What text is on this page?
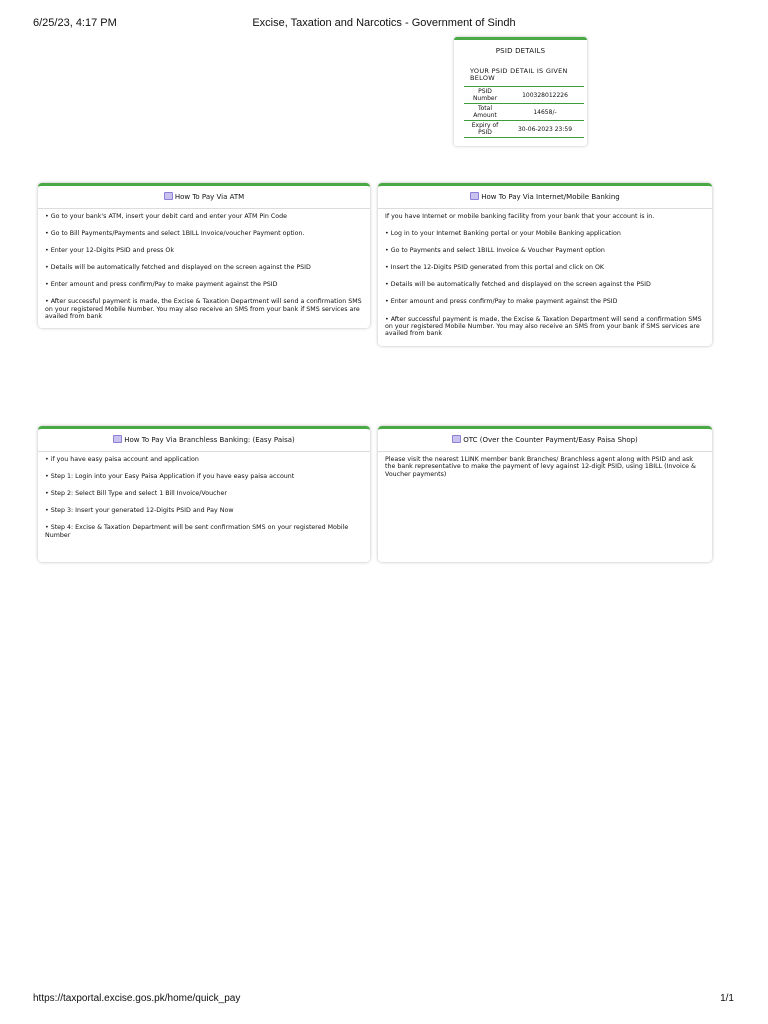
6/25/23, 4:17 PM	Excise, Taxation and Narcotics - Government of Sindh
PSID DETAILS
YOUR PSID DETAIL IS GIVEN BELOW
PSID Number	100328012226
Total Amount	14658/-
Expiry of PSID	30-06-2023 23:59
How To Pay Via ATM

• Go to your bank's ATM, insert your debit card and enter your ATM Pin Code

• Go to Bill Payments/Payments and select 1BILL Invoice/voucher Payment option.

• Enter your 12-Digits PSID and press Ok

• Details will be automatically fetched and displayed on the screen against the PSID

• Enter amount and press confirm/Pay to make payment against the PSID

• After successful payment is made, the Excise & Taxation Department will send a confirmation SMS on your registered Mobile Number. You may also receive an SMS from your bank if SMS services are availed from bank

How To Pay Via Internet/Mobile Banking

If you have Internet or mobile banking facility from your bank that your account is in.

• Log in to your Internet Banking portal or your Mobile Banking application

• Go to Payments and select 1BILL Invoice & Voucher Payment option

• Insert the 12-Digits PSID generated from this portal and click on OK

• Details will be automatically fetched and displayed on the screen against the PSID

• Enter amount and press confirm/Pay to make payment against the PSID

• After successful payment is made, the Excise & Taxation Department will send a confirmation SMS on your registered Mobile Number. You may also receive an SMS from your bank if SMS services are availed from bank

How To Pay Via Branchless Banking: (Easy Paisa)

• if you have easy paisa account and application

• Step 1: Login into your Easy Paisa Application if you have easy paisa account

• Step 2: Select Bill Type and select 1 Bill Invoice/Voucher

• Step 3: Insert your generated 12-Digits PSID and Pay Now

• Step 4: Excise & Taxation Department will be sent confirmation SMS on your registered Mobile Number

OTC (Over the Counter Payment/Easy Paisa Shop)

Please visit the nearest 1LINK member bank Branches/ Branchless agent along with PSID and ask the bank representative to make the payment of levy against 12-digit PSID, using 1BILL (Invoice & Voucher payments)

https://taxportal.excise.gos.pk/home/quick_pay	1/1
